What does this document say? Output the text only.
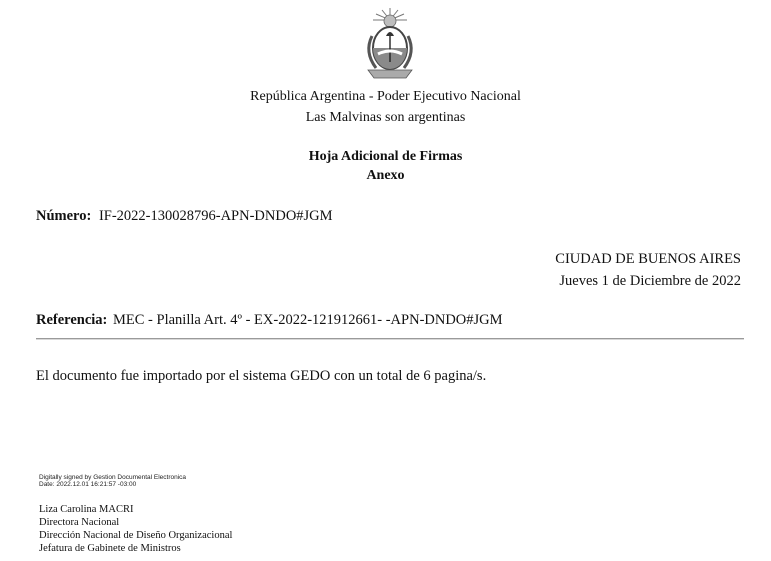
República Argentina - Poder Ejecutivo Nacional
Las Malvinas son argentinas
Hoja Adicional de Firmas
Anexo
Número: IF-2022-130028796-APN-DNDO#JGM
CIUDAD DE BUENOS AIRES
Jueves 1 de Diciembre de 2022
Referencia: MEC - Planilla Art. 4º - EX-2022-121912661- -APN-DNDO#JGM
El documento fue importado por el sistema GEDO con un total de 6 pagina/s.
Digitally signed by Gestion Documental Electronica
Date: 2022.12.01 16:21:57 -03:00
Liza Carolina MACRI
Directora Nacional
Dirección Nacional de Diseño Organizacional
Jefatura de Gabinete de Ministros
